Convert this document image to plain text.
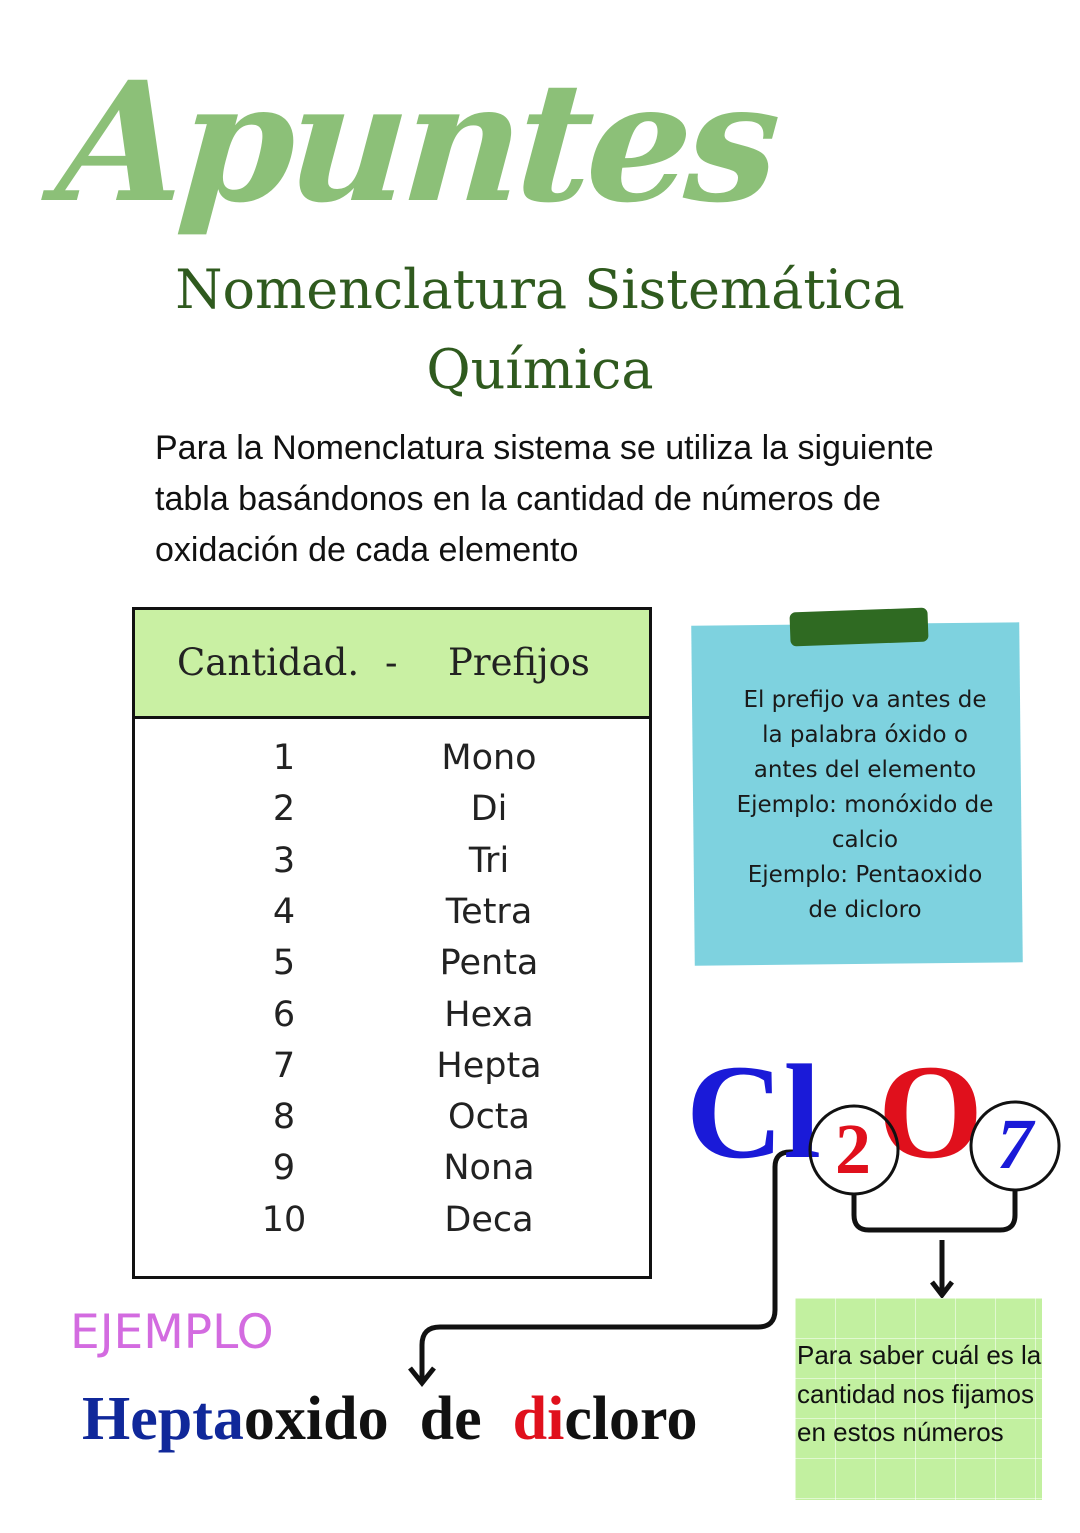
Apuntes
Nomenclatura Sistemática
Química
Para la Nomenclatura sistema se utiliza la siguiente tabla basándonos en la cantidad de números de oxidación de cada elemento
Cantidad. - Prefijos
1	Mono
2	Di
3	Tri
4	Tetra
5	Penta
6	Hexa
7	Hepta
8	Octa
9	Nona
10	Deca
El prefijo va antes de
la palabra óxido o
antes del elemento
Ejemplo: monóxido de
calcio
Ejemplo: Pentaoxido
de dicloro
Cl O
2 7
Para saber cuál es la cantidad nos fijamos en estos números
EJEMPLO
Heptaoxido  de  dicloro
